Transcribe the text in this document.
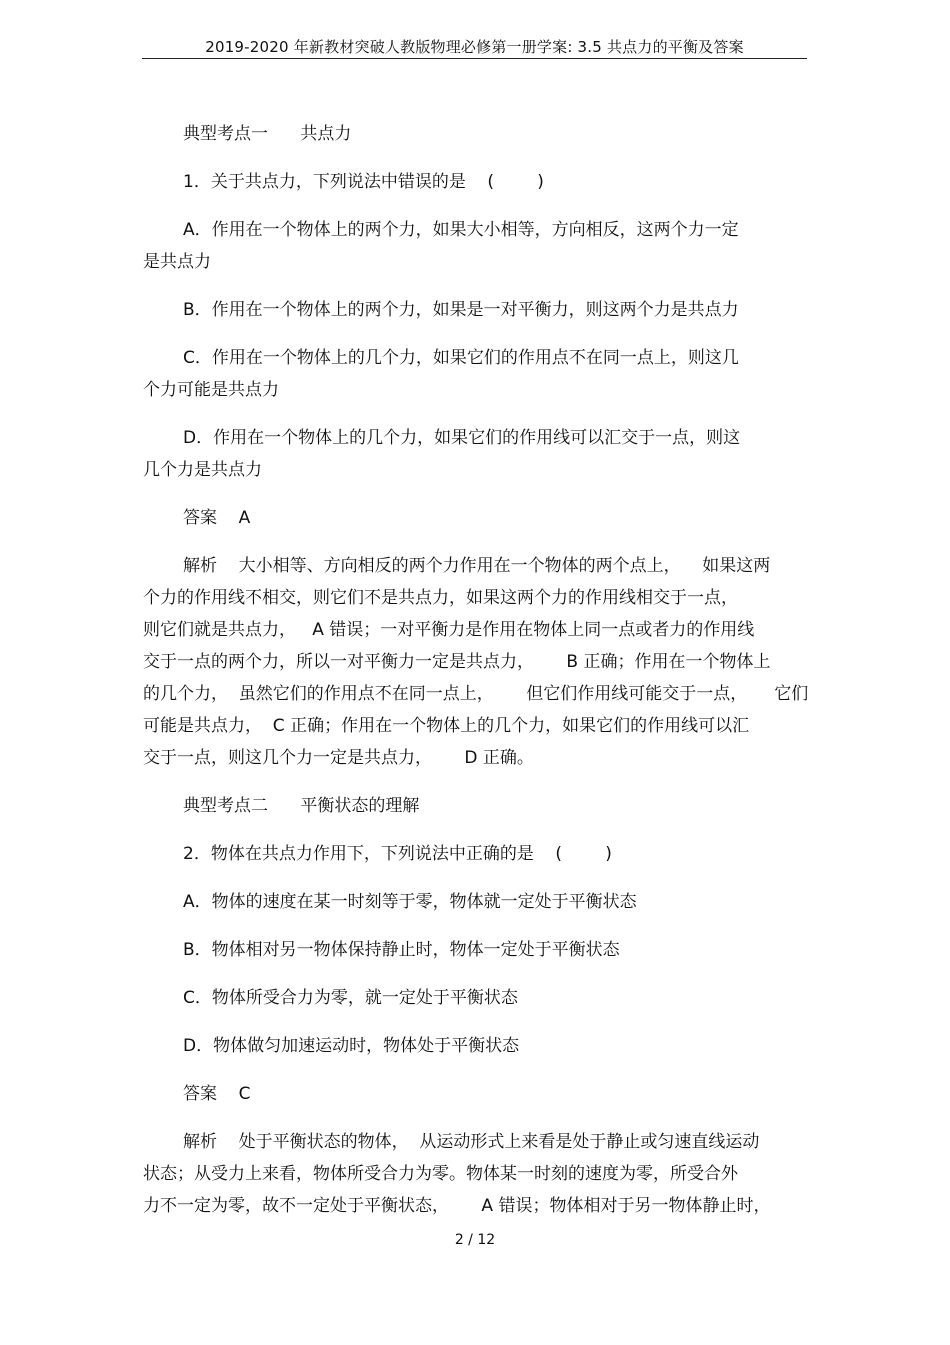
2019-2020 年新教材突破人教版物理必修第一册学案: 3.5 共点力的平衡及答案
典型考点一      共点力
1．关于共点力，下列说法中错误的是    (        )
A．作用在一个物体上的两个力，如果大小相等，方向相反，这两个力一定
是共点力
B．作用在一个物体上的两个力，如果是一对平衡力，则这两个力是共点力
C．作用在一个物体上的几个力，如果它们的作用点不在同一点上，则这几
个力可能是共点力
D．作用在一个物体上的几个力，如果它们的作用线可以汇交于一点，则这
几个力是共点力
答案    A
解析    大小相等、方向相反的两个力作用在一个物体的两个点上，    如果这两
个力的作用线不相交，则它们不是共点力，如果这两个力的作用线相交于一点，
则它们就是共点力，   A 错误；一对平衡力是作用在物体上同一点或者力的作用线
交于一点的两个力，所以一对平衡力一定是共点力，      B 正确；作用在一个物体上
的几个力，  虽然它们的作用点不在同一点上，      但它们作用线可能交于一点，     它们
可能是共点力，  C 正确；作用在一个物体上的几个力，如果它们的作用线可以汇
交于一点，则这几个力一定是共点力，      D 正确。
典型考点二      平衡状态的理解
2．物体在共点力作用下，下列说法中正确的是    (        )
A．物体的速度在某一时刻等于零，物体就一定处于平衡状态
B．物体相对另一物体保持静止时，物体一定处于平衡状态
C．物体所受合力为零，就一定处于平衡状态
D．物体做匀加速运动时，物体处于平衡状态
答案    C
解析    处于平衡状态的物体，  从运动形式上来看是处于静止或匀速直线运动
状态；从受力上来看，物体所受合力为零。物体某一时刻的速度为零，所受合外
力不一定为零，故不一定处于平衡状态，      A 错误；物体相对于另一物体静止时，
2 / 12
